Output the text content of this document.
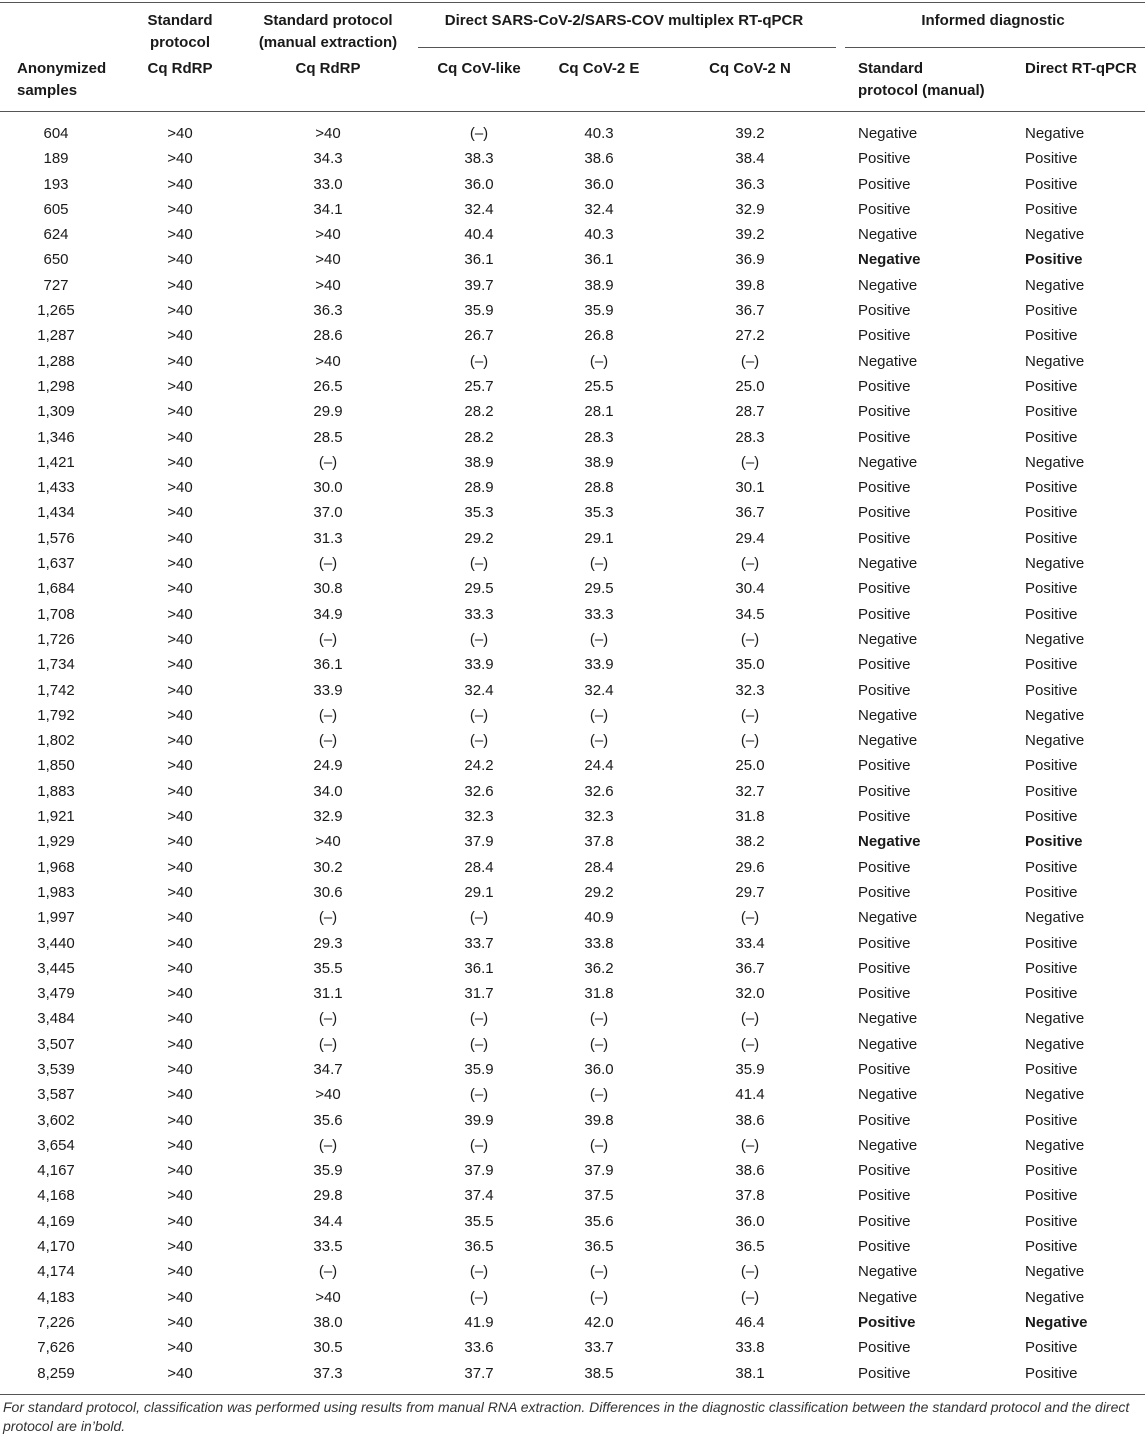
Standard
protocol
Standard protocol
(manual extraction)
Direct SARS-CoV-2/SARS-COV multiplex RT-qPCR	Informed diagnostic
Anonymized
samples
Cq RdRP	Cq RdRP	Cq CoV-like	Cq CoV-2 E	Cq CoV-2 N	Standard
protocol (manual)
Direct RT-qPCR
604	>40	>40	(–)	40.3	39.2	Negative	Negative
189	>40	34.3	38.3	38.6	38.4	Positive	Positive
193	>40	33.0	36.0	36.0	36.3	Positive	Positive
605	>40	34.1	32.4	32.4	32.9	Positive	Positive
624	>40	>40	40.4	40.3	39.2	Negative	Negative
650	>40	>40	36.1	36.1	36.9	Negative	Positive
727	>40	>40	39.7	38.9	39.8	Negative	Negative
1,265	>40	36.3	35.9	35.9	36.7	Positive	Positive
1,287	>40	28.6	26.7	26.8	27.2	Positive	Positive
1,288	>40	>40	(–)	(–)	(–)	Negative	Negative
1,298	>40	26.5	25.7	25.5	25.0	Positive	Positive
1,309	>40	29.9	28.2	28.1	28.7	Positive	Positive
1,346	>40	28.5	28.2	28.3	28.3	Positive	Positive
1,421	>40	(–)	38.9	38.9	(–)	Negative	Negative
1,433	>40	30.0	28.9	28.8	30.1	Positive	Positive
1,434	>40	37.0	35.3	35.3	36.7	Positive	Positive
1,576	>40	31.3	29.2	29.1	29.4	Positive	Positive
1,637	>40	(–)	(–)	(–)	(–)	Negative	Negative
1,684	>40	30.8	29.5	29.5	30.4	Positive	Positive
1,708	>40	34.9	33.3	33.3	34.5	Positive	Positive
1,726	>40	(–)	(–)	(–)	(–)	Negative	Negative
1,734	>40	36.1	33.9	33.9	35.0	Positive	Positive
1,742	>40	33.9	32.4	32.4	32.3	Positive	Positive
1,792	>40	(–)	(–)	(–)	(–)	Negative	Negative
1,802	>40	(–)	(–)	(–)	(–)	Negative	Negative
1,850	>40	24.9	24.2	24.4	25.0	Positive	Positive
1,883	>40	34.0	32.6	32.6	32.7	Positive	Positive
1,921	>40	32.9	32.3	32.3	31.8	Positive	Positive
1,929	>40	>40	37.9	37.8	38.2	Negative	Positive
1,968	>40	30.2	28.4	28.4	29.6	Positive	Positive
1,983	>40	30.6	29.1	29.2	29.7	Positive	Positive
1,997	>40	(–)	(–)	40.9	(–)	Negative	Negative
3,440	>40	29.3	33.7	33.8	33.4	Positive	Positive
3,445	>40	35.5	36.1	36.2	36.7	Positive	Positive
3,479	>40	31.1	31.7	31.8	32.0	Positive	Positive
3,484	>40	(–)	(–)	(–)	(–)	Negative	Negative
3,507	>40	(–)	(–)	(–)	(–)	Negative	Negative
3,539	>40	34.7	35.9	36.0	35.9	Positive	Positive
3,587	>40	>40	(–)	(–)	41.4	Negative	Negative
3,602	>40	35.6	39.9	39.8	38.6	Positive	Positive
3,654	>40	(–)	(–)	(–)	(–)	Negative	Negative
4,167	>40	35.9	37.9	37.9	38.6	Positive	Positive
4,168	>40	29.8	37.4	37.5	37.8	Positive	Positive
4,169	>40	34.4	35.5	35.6	36.0	Positive	Positive
4,170	>40	33.5	36.5	36.5	36.5	Positive	Positive
4,174	>40	(–)	(–)	(–)	(–)	Negative	Negative
4,183	>40	>40	(–)	(–)	(–)	Negative	Negative
7,226	>40	38.0	41.9	42.0	46.4	Positive	Negative
7,626	>40	30.5	33.6	33.7	33.8	Positive	Positive
8,259	>40	37.3	37.7	38.5	38.1	Positive	Positive
For standard protocol, classification was performed using results from manual RNA extraction. Differences in the diagnostic classification between the standard protocol and the direct protocol are in’bold.
